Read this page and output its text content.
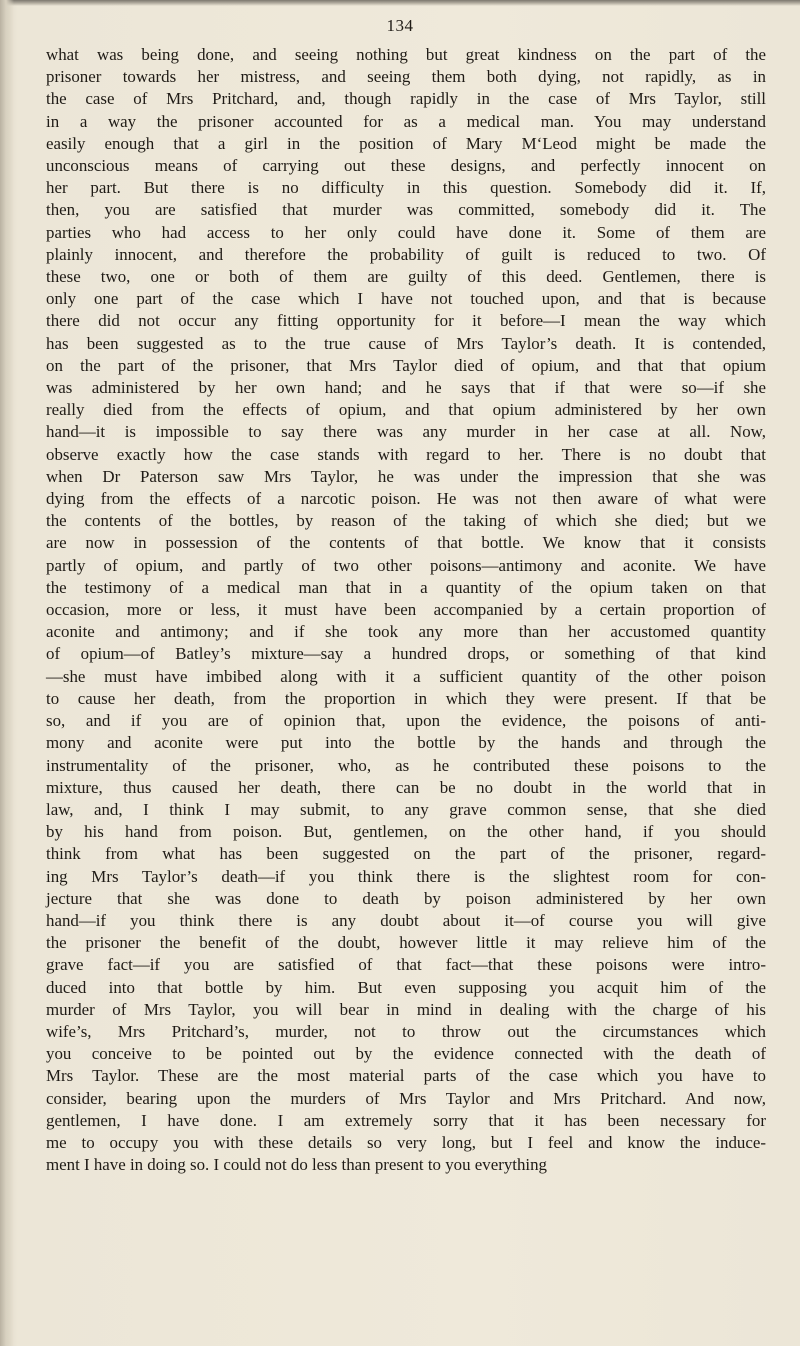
134
what was being done, and seeing nothing but great kindness on the part of the
prisoner towards her mistress, and seeing them both dying, not rapidly, as in
the case of Mrs Pritchard, and, though rapidly in the case of Mrs Taylor, still
in a way the prisoner accounted for as a medical man. You may understand
easily enough that a girl in the position of Mary M‘Leod might be made the
unconscious means of carrying out these designs, and perfectly innocent on
her part. But there is no difficulty in this question. Somebody did it. If,
then, you are satisfied that murder was committed, somebody did it. The
parties who had access to her only could have done it. Some of them are
plainly innocent, and therefore the probability of guilt is reduced to two. Of
these two, one or both of them are guilty of this deed. Gentlemen, there is
only one part of the case which I have not touched upon, and that is because
there did not occur any fitting opportunity for it before—I mean the way which
has been suggested as to the true cause of Mrs Taylor’s death. It is contended,
on the part of the prisoner, that Mrs Taylor died of opium, and that that opium
was administered by her own hand; and he says that if that were so—if she
really died from the effects of opium, and that opium administered by her own
hand—it is impossible to say there was any murder in her case at all. Now,
observe exactly how the case stands with regard to her. There is no doubt that
when Dr Paterson saw Mrs Taylor, he was under the impression that she was
dying from the effects of a narcotic poison. He was not then aware of what were
the contents of the bottles, by reason of the taking of which she died; but we
are now in possession of the contents of that bottle. We know that it consists
partly of opium, and partly of two other poisons—antimony and aconite. We have
the testimony of a medical man that in a quantity of the opium taken on that
occasion, more or less, it must have been accompanied by a certain proportion of
aconite and antimony; and if she took any more than her accustomed quantity
of opium—of Batley’s mixture—say a hundred drops, or something of that kind
—she must have imbibed along with it a sufficient quantity of the other poison
to cause her death, from the proportion in which they were present. If that be
so, and if you are of opinion that, upon the evidence, the poisons of anti-
mony and aconite were put into the bottle by the hands and through the
instrumentality of the prisoner, who, as he contributed these poisons to the
mixture, thus caused her death, there can be no doubt in the world that in
law, and, I think I may submit, to any grave common sense, that she died
by his hand from poison. But, gentlemen, on the other hand, if you should
think from what has been suggested on the part of the prisoner, regard-
ing Mrs Taylor’s death—if you think there is the slightest room for con-
jecture that she was done to death by poison administered by her own
hand—if you think there is any doubt about it—of course you will give
the prisoner the benefit of the doubt, however little it may relieve him of the
grave fact—if you are satisfied of that fact—that these poisons were intro-
duced into that bottle by him. But even supposing you acquit him of the
murder of Mrs Taylor, you will bear in mind in dealing with the charge of his
wife’s, Mrs Pritchard’s, murder, not to throw out the circumstances which
you conceive to be pointed out by the evidence connected with the death of
Mrs Taylor. These are the most material parts of the case which you have to
consider, bearing upon the murders of Mrs Taylor and Mrs Pritchard. And now,
gentlemen, I have done. I am extremely sorry that it has been necessary for
me to occupy you with these details so very long, but I feel and know the induce-
ment I have in doing so. I could not do less than present to you everything
